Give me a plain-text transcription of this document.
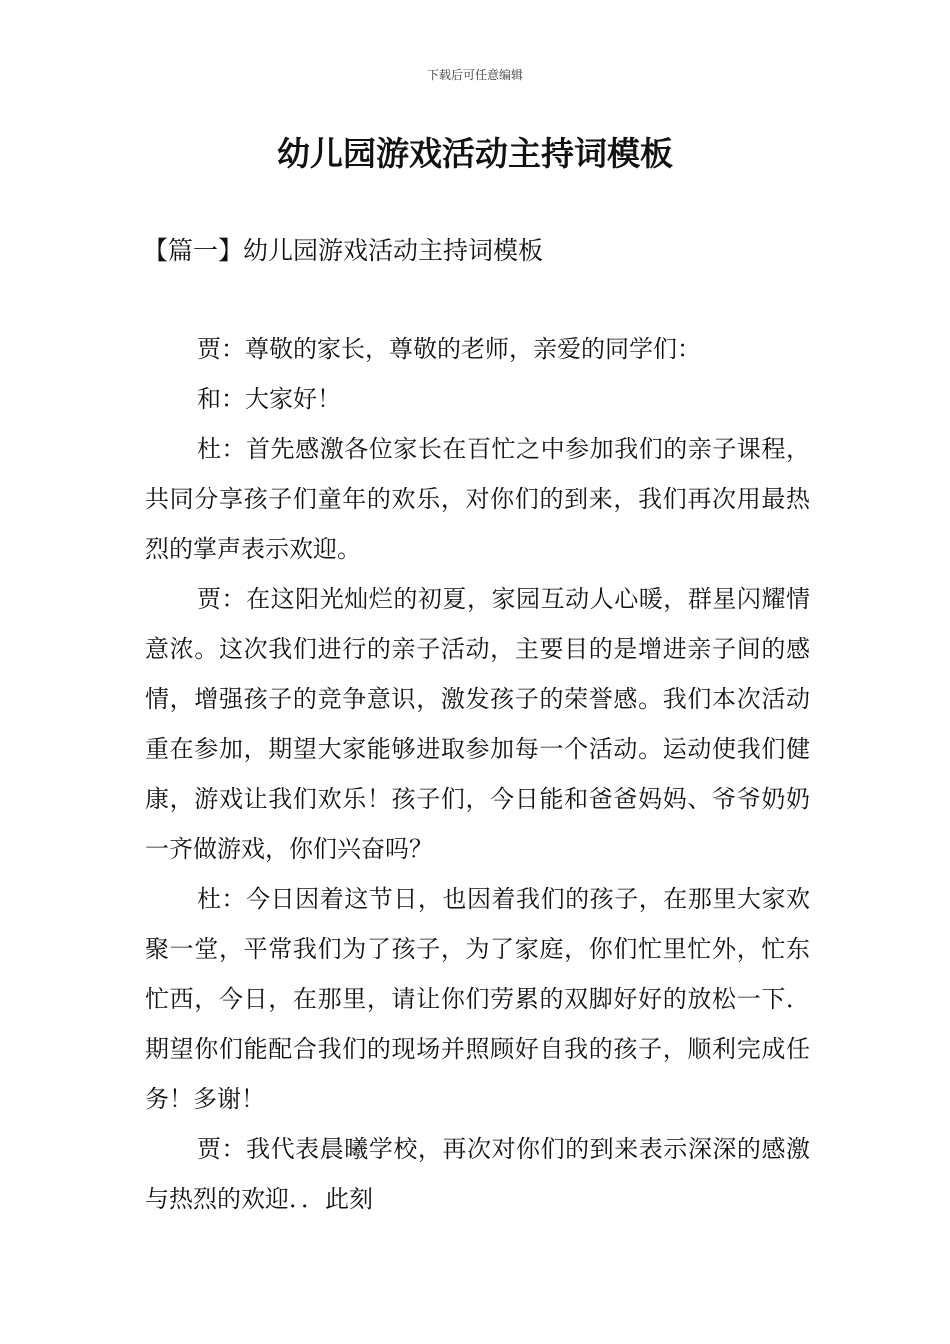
下载后可任意编辑
幼儿园游戏活动主持词模板
【篇一】幼儿园游戏活动主持词模板

贾：尊敬的家长，尊敬的老师，亲爱的同学们：

和：大家好！

杜：首先感激各位家长在百忙之中参加我们的亲子课程，共同分享孩子们童年的欢乐，对你们的到来，我们再次用最热烈的掌声表示欢迎。

贾：在这阳光灿烂的初夏，家园互动人心暖，群星闪耀情意浓。这次我们进行的亲子活动，主要目的是增进亲子间的感情，增强孩子的竞争意识，激发孩子的荣誉感。我们本次活动重在参加，期望大家能够进取参加每一个活动。运动使我们健康，游戏让我们欢乐！孩子们，今日能和爸爸妈妈、爷爷奶奶一齐做游戏，你们兴奋吗？

杜：今日因着这节日，也因着我们的孩子，在那里大家欢聚一堂，平常我们为了孩子，为了家庭，你们忙里忙外，忙东忙西，今日，在那里，请让你们劳累的双脚好好的放松一下．期望你们能配合我们的现场并照顾好自我的孩子，顺利完成任务！多谢！

贾：我代表晨曦学校，再次对你们的到来表示深深的感激与热烈的欢迎．．此刻
